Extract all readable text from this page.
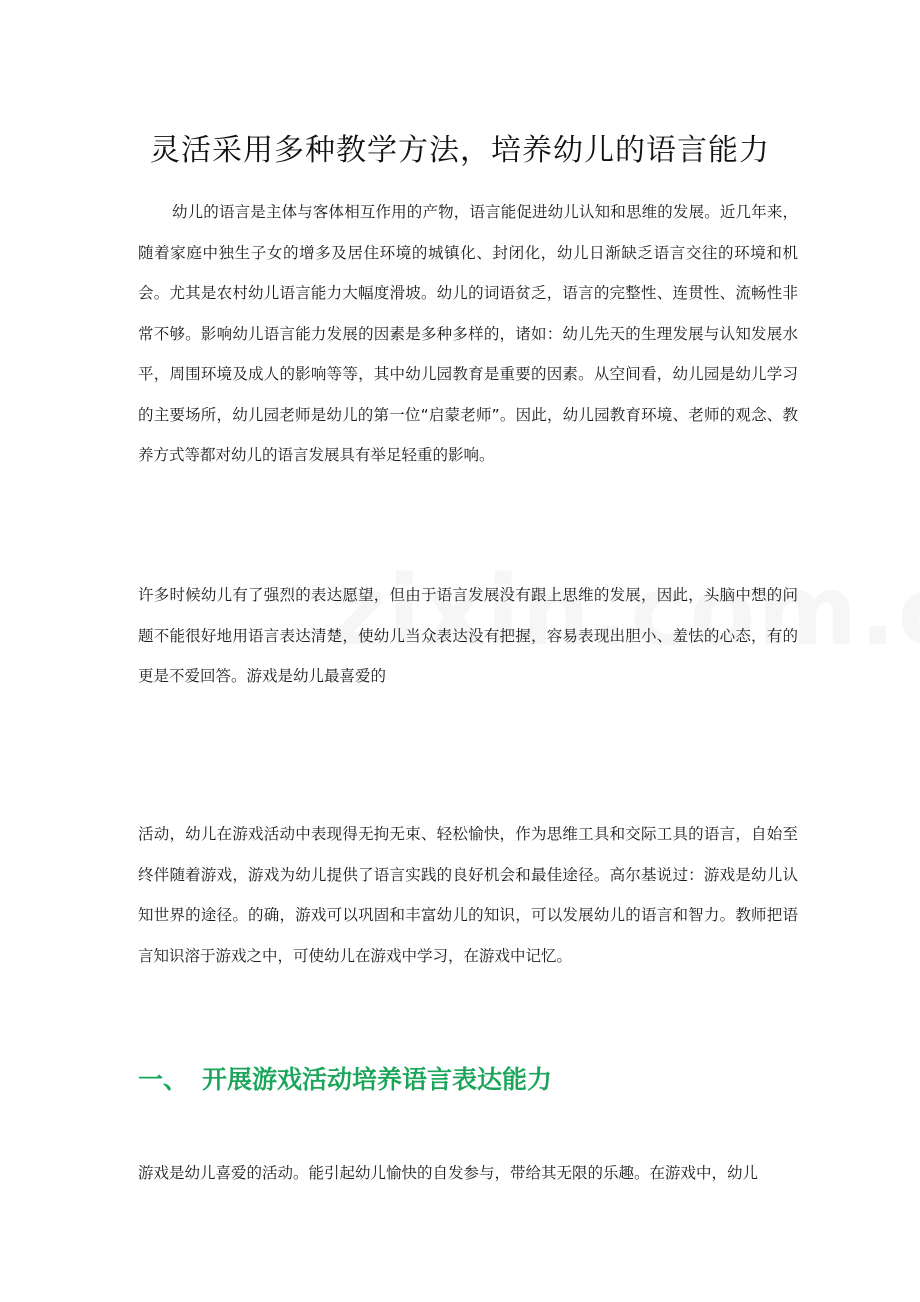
灵活采用多种教学方法，培养幼儿的语言能力

幼儿的语言是主体与客体相互作用的产物，语言能促进幼儿认知和思维的发展。近几年来，随着家庭中独生子女的增多及居住环境的城镇化、封闭化，幼儿日渐缺乏语言交往的环境和机会。尤其是农村幼儿语言能力大幅度滑坡。幼儿的词语贫乏，语言的完整性、连贯性、流畅性非常不够。影响幼儿语言能力发展的因素是多种多样的，诸如：幼儿先天的生理发展与认知发展水平，周围环境及成人的影响等等，其中幼儿园教育是重要的因素。从空间看，幼儿园是幼儿学习的主要场所，幼儿园老师是幼儿的第一位“启蒙老师”。因此，幼儿园教育环境、老师的观念、教养方式等都对幼儿的语言发展具有举足轻重的影响。

许多时候幼儿有了强烈的表达愿望，但由于语言发展没有跟上思维的发展，因此，头脑中想的问题不能很好地用语言表达清楚，使幼儿当众表达没有把握，容易表现出胆小、羞怯的心态，有的更是不爱回答。游戏是幼儿最喜爱的

活动，幼儿在游戏活动中表现得无拘无束、轻松愉快，作为思维工具和交际工具的语言，自始至终伴随着游戏，游戏为幼儿提供了语言实践的良好机会和最佳途径。高尔基说过：游戏是幼儿认知世界的途径。的确，游戏可以巩固和丰富幼儿的知识，可以发展幼儿的语言和智力。教师把语言知识溶于游戏之中，可使幼儿在游戏中学习，在游戏中记忆。

一、 开展游戏活动培养语言表达能力

游戏是幼儿喜爱的活动。能引起幼儿愉快的自发参与，带给其无限的乐趣。在游戏中，幼儿
